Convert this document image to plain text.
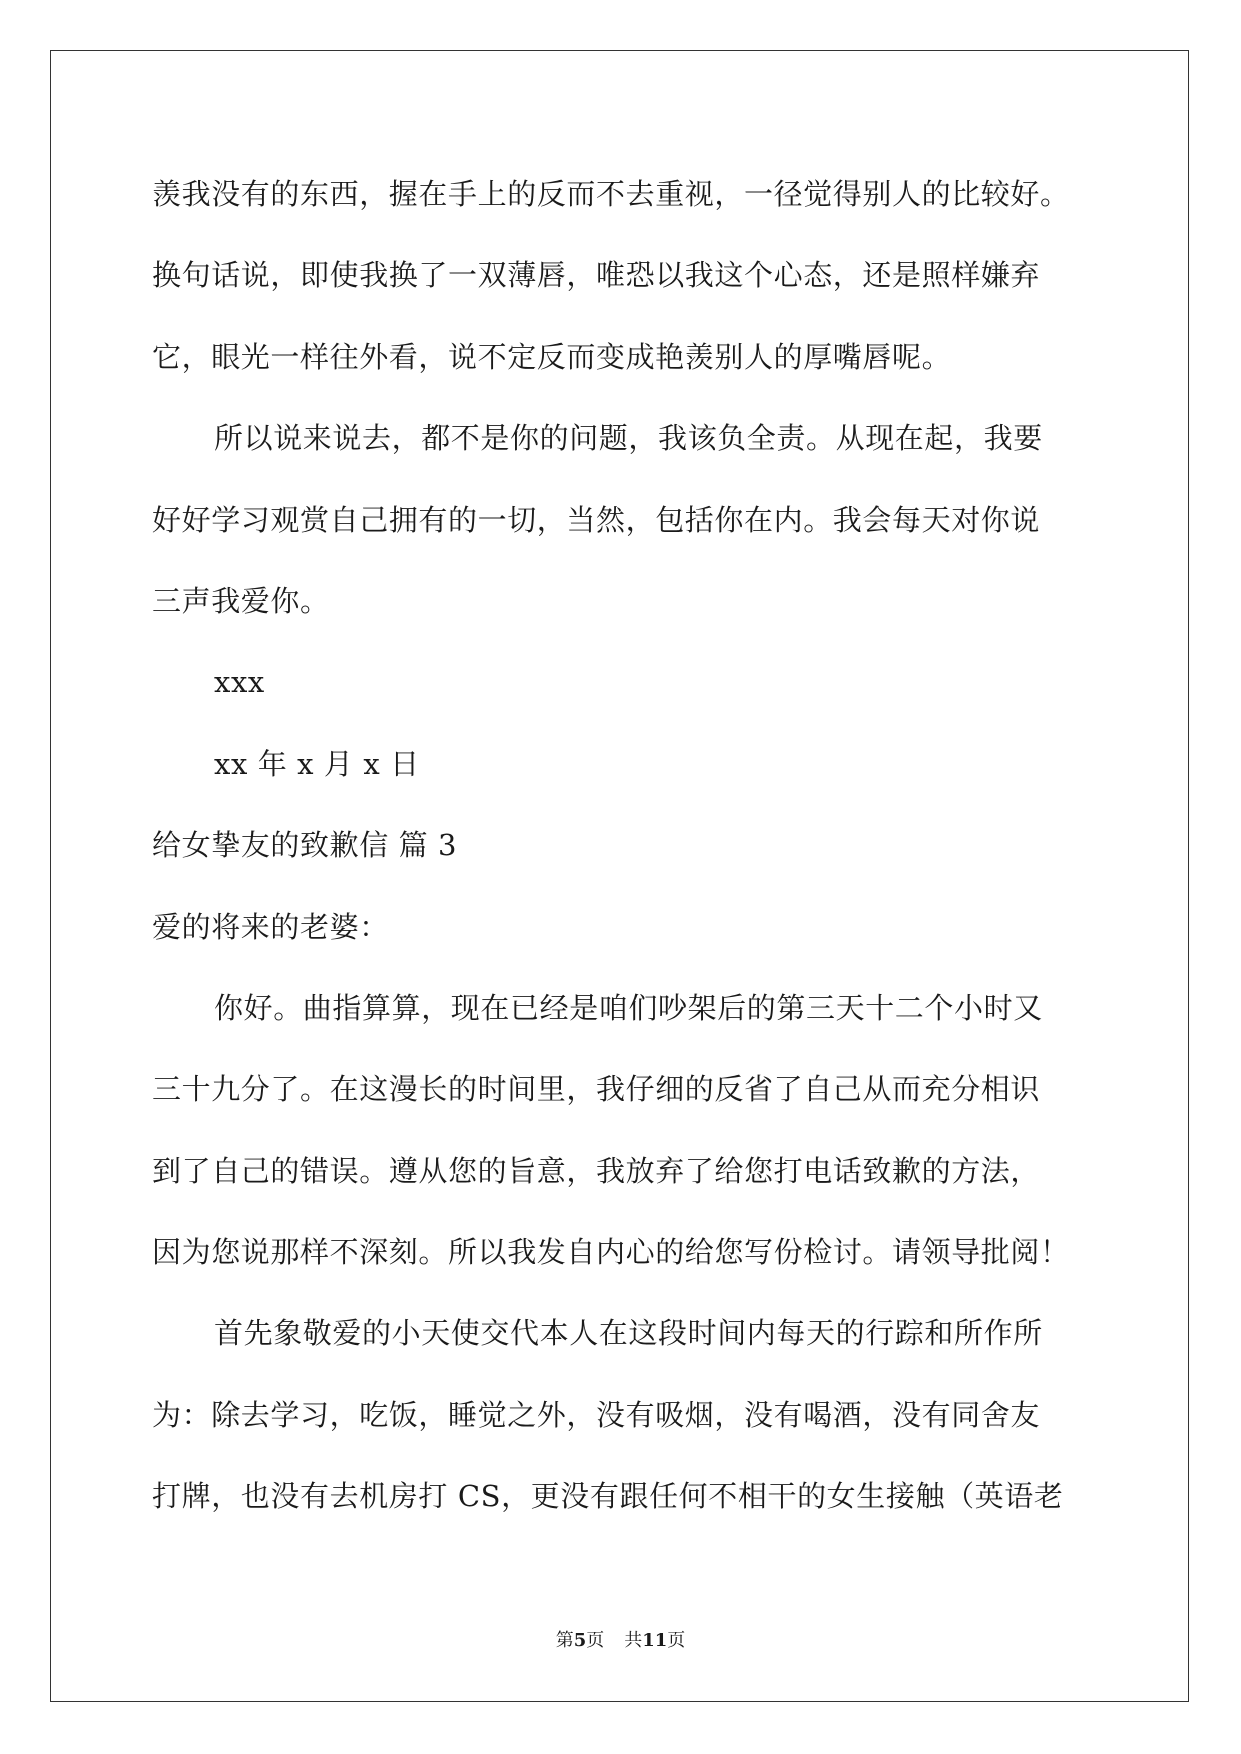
羡我没有的东西，握在手上的反而不去重视，一径觉得别人的比较好。
换句话说，即使我换了一双薄唇，唯恐以我这个心态，还是照样嫌弃
它，眼光一样往外看，说不定反而变成艳羡别人的厚嘴唇呢。
所以说来说去，都不是你的问题，我该负全责。从现在起，我要
好好学习观赏自己拥有的一切，当然，包括你在内。我会每天对你说
三声我爱你。
xxx
xx 年 x 月 x 日
给女挚友的致歉信 篇 3
爱的将来的老婆：
你好。曲指算算，现在已经是咱们吵架后的第三天十二个小时又
三十九分了。在这漫长的时间里，我仔细的反省了自己从而充分相识
到了自己的错误。遵从您的旨意，我放弃了给您打电话致歉的方法，
因为您说那样不深刻。所以我发自内心的给您写份检讨。请领导批阅！
首先象敬爱的小天使交代本人在这段时间内每天的行踪和所作所
为：除去学习，吃饭，睡觉之外，没有吸烟，没有喝酒，没有同舍友
打牌，也没有去机房打 CS，更没有跟任何不相干的女生接触（英语老
第5页 共11页
